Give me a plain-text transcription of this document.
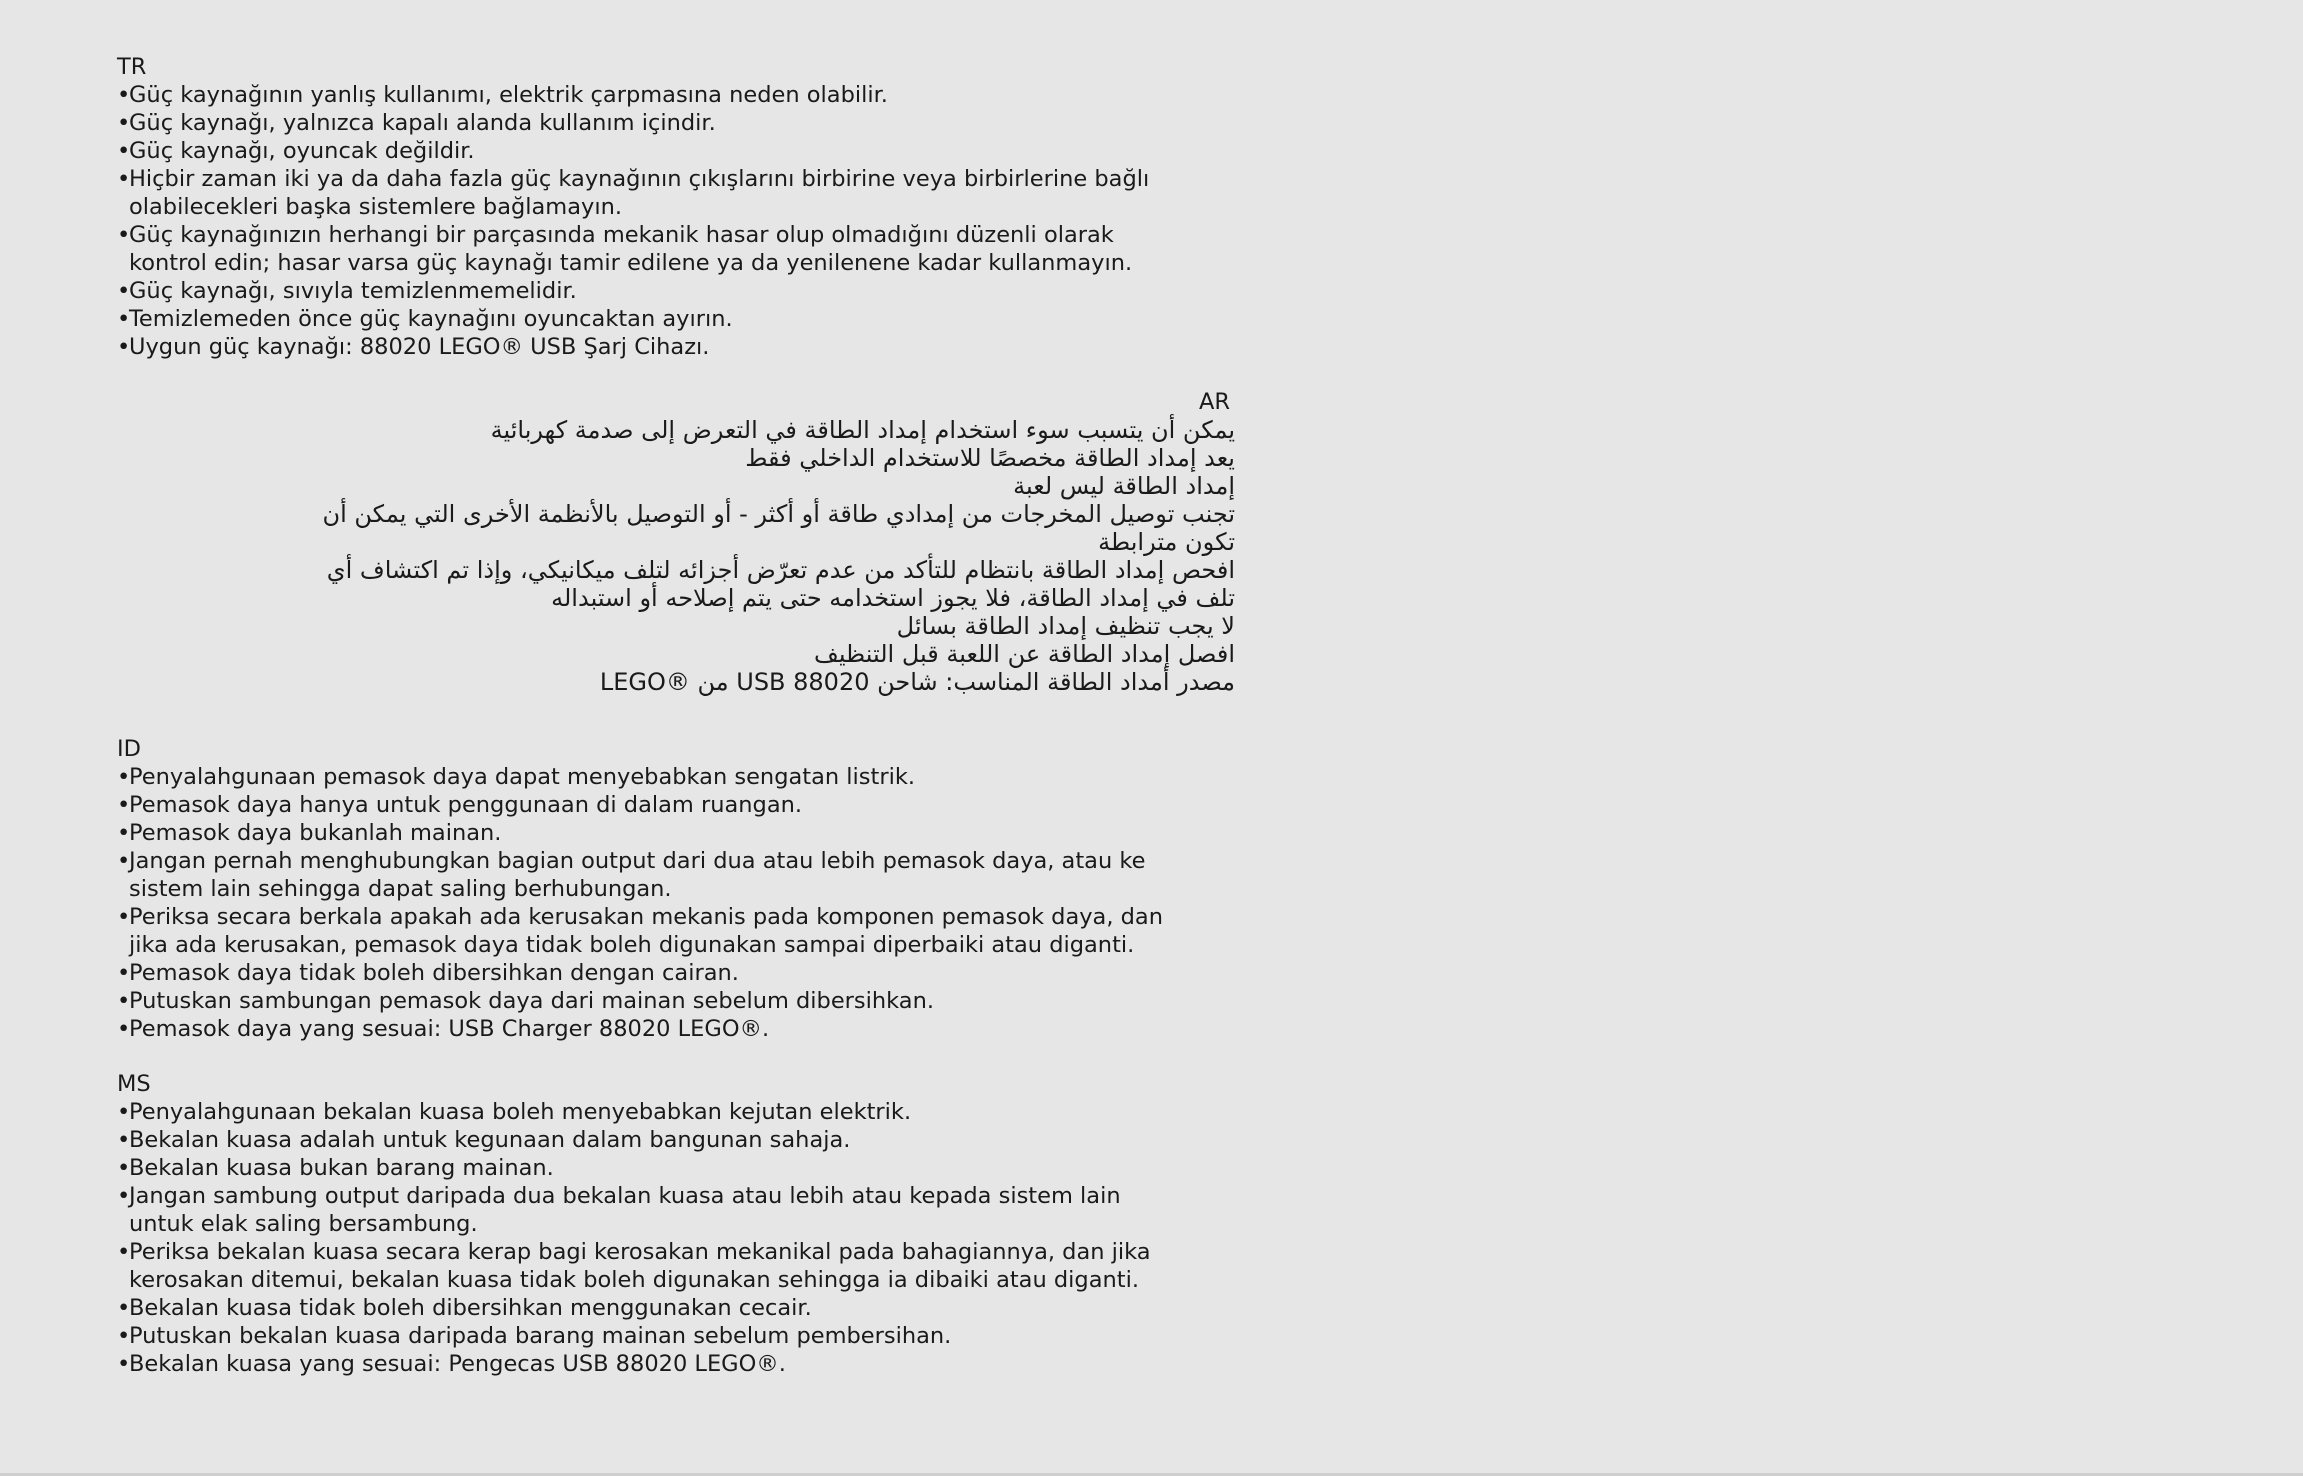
TR
•
Güç kaynağının yanlış kullanımı, elektrik çarpmasına neden olabilir.
•
Güç kaynağı, yalnızca kapalı alanda kullanım içindir.
•
Güç kaynağı, oyuncak değildir.
•
Hiçbir zaman iki ya da daha fazla güç kaynağının çıkışlarını birbirine veya birbirlerine bağlı
olabilecekleri başka sistemlere bağlamayın.
•
Güç kaynağınızın herhangi bir parçasında mekanik hasar olup olmadığını düzenli olarak
kontrol edin; hasar varsa güç kaynağı tamir edilene ya da yenilenene kadar kullanmayın.
•
Güç kaynağı, sıvıyla temizlenmemelidir.
•
Temizlemeden önce güç kaynağını oyuncaktan ayırın.
•
Uygun güç kaynağı: 88020 LEGO® USB Şarj Cihazı.
AR
يمكن أن يتسبب سوء استخدام إمداد الطاقة في التعرض إلى صدمة كهربائية
يعد إمداد الطاقة مخصصًا للاستخدام الداخلي فقط
إمداد الطاقة ليس لعبة
تجنب توصيل المخرجات من إمدادي طاقة أو أكثر - أو التوصيل بالأنظمة الأخرى التي يمكن أن
تكون مترابطة
افحص إمداد الطاقة بانتظام للتأكد من عدم تعرّض أجزائه لتلف ميكانيكي، وإذا تم اكتشاف أي
تلف في إمداد الطاقة، فلا يجوز استخدامه حتى يتم إصلاحه أو استبداله
لا يجب تنظيف إمداد الطاقة بسائل
افصل إمداد الطاقة عن اللعبة قبل التنظيف
مصدر أمداد الطاقة المناسب: شاحن USB 88020 من ®LEGO
ID
•
Penyalahgunaan pemasok daya dapat menyebabkan sengatan listrik.
•
Pemasok daya hanya untuk penggunaan di dalam ruangan.
•
Pemasok daya bukanlah mainan.
•
Jangan pernah menghubungkan bagian output dari dua atau lebih pemasok daya, atau ke
sistem lain sehingga dapat saling berhubungan.
•
Periksa secara berkala apakah ada kerusakan mekanis pada komponen pemasok daya, dan
jika ada kerusakan, pemasok daya tidak boleh digunakan sampai diperbaiki atau diganti.
•
Pemasok daya tidak boleh dibersihkan dengan cairan.
•
Putuskan sambungan pemasok daya dari mainan sebelum dibersihkan.
•
Pemasok daya yang sesuai: USB Charger 88020 LEGO®.
MS
•
Penyalahgunaan bekalan kuasa boleh menyebabkan kejutan elektrik.
•
Bekalan kuasa adalah untuk kegunaan dalam bangunan sahaja.
•
Bekalan kuasa bukan barang mainan.
•
Jangan sambung output daripada dua bekalan kuasa atau lebih atau kepada sistem lain
untuk elak saling bersambung.
•
Periksa bekalan kuasa secara kerap bagi kerosakan mekanikal pada bahagiannya, dan jika
kerosakan ditemui, bekalan kuasa tidak boleh digunakan sehingga ia dibaiki atau diganti.
•
Bekalan kuasa tidak boleh dibersihkan menggunakan cecair.
•
Putuskan bekalan kuasa daripada barang mainan sebelum pembersihan.
•
Bekalan kuasa yang sesuai: Pengecas USB 88020 LEGO®.
